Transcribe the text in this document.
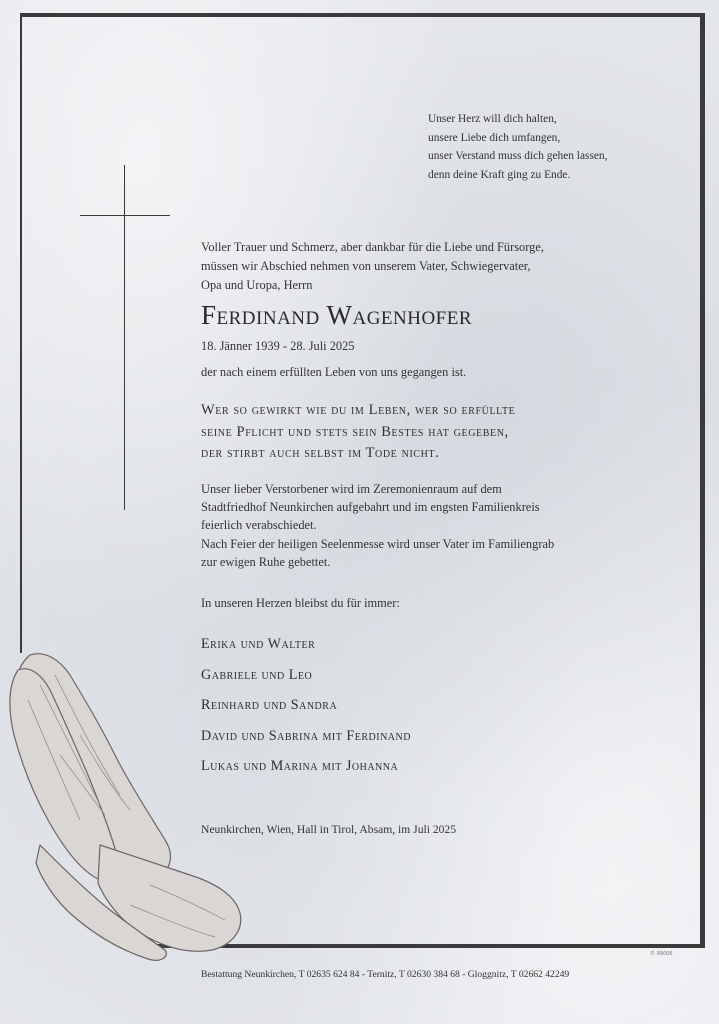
Unser Herz will dich halten,
unsere Liebe dich umfangen,
unser Verstand muss dich gehen lassen,
denn deine Kraft ging zu Ende.
Voller Trauer und Schmerz, aber dankbar für die Liebe und Fürsorge,
müssen wir Abschied nehmen von unserem Vater, Schwiegervater,
Opa und Uropa, Herrn
Ferdinand Wagenhofer
18. Jänner 1939 - 28. Juli 2025
der nach einem erfüllten Leben von uns gegangen ist.
Wer so gewirkt wie du im Leben, wer so erfüllte
seine Pflicht und stets sein Bestes hat gegeben,
der stirbt auch selbst im Tode nicht.
Unser lieber Verstorbener wird im Zeremonienraum auf dem
Stadtfriedhof Neunkirchen aufgebahrt und im engsten Familienkreis
feierlich verabschiedet.
Nach Feier der heiligen Seelenmesse wird unser Vater im Familiengrab
zur ewigen Ruhe gebettet.
In unseren Herzen bleibst du für immer:
Erika und Walter
Gabriele und Leo
Reinhard und Sandra
David und Sabrina mit Ferdinand
Lukas und Marina mit Johanna
Neunkirchen, Wien, Hall in Tirol, Absam, im Juli 2025
© 99006
Bestattung Neunkirchen, T 02635 624 84 - Ternitz, T 02630 384 68 - Gloggnitz, T 02662 42249
